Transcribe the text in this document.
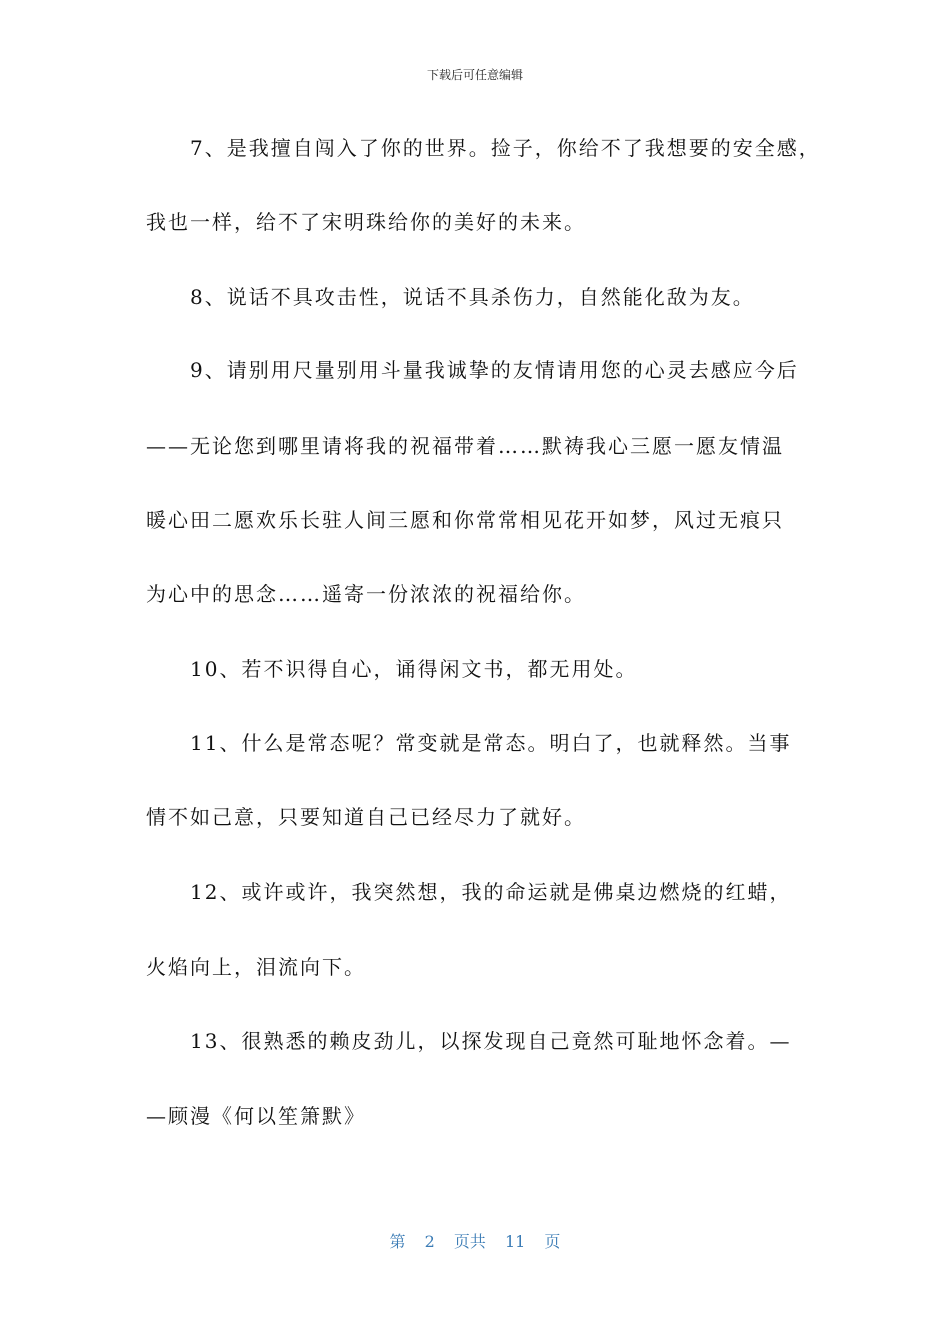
下载后可任意编辑
7、是我擅自闯入了你的世界。捡子，你给不了我想要的安全感，
我也一样，给不了宋明珠给你的美好的未来。
8、说话不具攻击性，说话不具杀伤力，自然能化敌为友。
9、请别用尺量别用斗量我诚挚的友情请用您的心灵去感应今后
——无论您到哪里请将我的祝福带着……默祷我心三愿一愿友情温
暖心田二愿欢乐长驻人间三愿和你常常相见花开如梦，风过无痕只
为心中的思念……遥寄一份浓浓的祝福给你。
10、若不识得自心，诵得闲文书，都无用处。
11、什么是常态呢？常变就是常态。明白了，也就释然。当事
情不如己意，只要知道自己已经尽力了就好。
12、或许或许，我突然想，我的命运就是佛桌边燃烧的红蜡，
火焰向上，泪流向下。
13、很熟悉的赖皮劲儿，以探发现自己竟然可耻地怀念着。—
—顾漫《何以笙箫默》
第 2 页共 11 页
